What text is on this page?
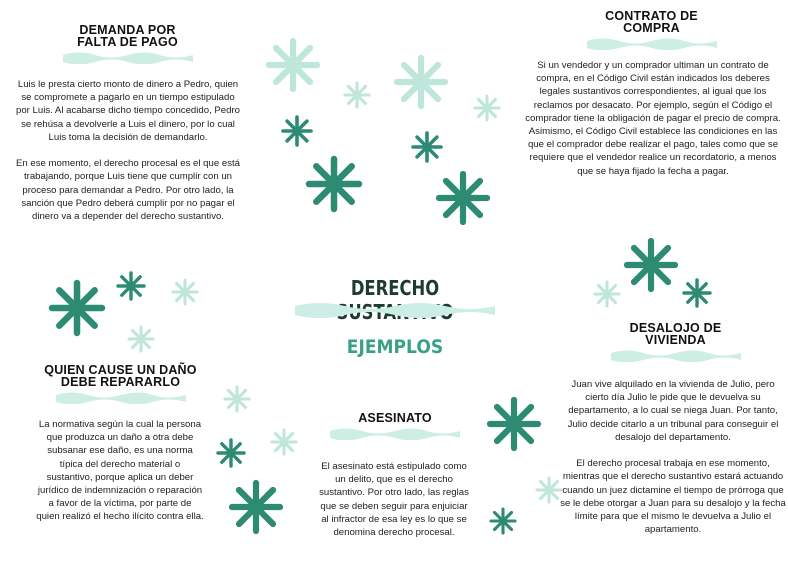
DEMANDA POR FALTA DE PAGO
Luis le presta cierto monto de dinero a Pedro, quien se compromete a pagarlo en un tiempo estipulado por Luis. Al acabarse dicho tiempo concedido, Pedro se rehúsa a devolverle a Luis el dinero, por lo cual Luis toma la decisión de demandarlo.

En ese momento, el derecho procesal es el que está trabajando, porque Luis tiene que cumplir con un proceso para demandar a Pedro. Por otro lado, la sanción que Pedro deberá cumplir por no pagar el dinero va a depender del derecho sustantivo.
CONTRATO DE COMPRA
Si un vendedor y un comprador ultiman un contrato de compra, en el Código Civil están indicados los deberes legales sustantivos correspondientes, al igual que los reclamos por desacato. Por ejemplo, según el Código el comprador tiene la obligación de pagar el precio de compra.
Asimismo, el Código Civil establece las condiciones en las que el comprador debe realizar el pago, tales como que se requiere que el vendedor realice un recordatorio, a menos que se haya fijado la fecha a pagar.
DERECHO
EJEMPLOS
DESALOJO DE VIVIENDA
Juan vive alquilado en la vivienda de Julio, pero cierto día Julio le pide que le devuelva su departamento, a lo cual se niega Juan. Por tanto, Julio decide citarlo a un tribunal para conseguir el desalojo del departamento.

El derecho procesal trabaja en ese momento, mientras que el derecho sustantivo estará actuando cuando un juez dictamine el tiempo de prórroga que se le debe otorgar a Juan para su desalojo y la fecha límite para que el mismo le devuelva a Julio el apartamento.
QUIEN CAUSE UN DAÑO DEBE REPARARLO
La normativa según la cual la persona que produzca un daño a otra debe subsanar ese daño, es una norma típica del derecho material o sustantivo, porque aplica un deber jurídico de indemnización o reparación a favor de la víctima, por parte de quien realizó el hecho ilícito contra ella.
ASESINATO
El asesinato está estipulado como un delito, que es el derecho sustantivo. Por otro lado, las reglas que se deben seguir para enjuiciar al infractor de esa ley es lo que se denomina derecho procesal.
